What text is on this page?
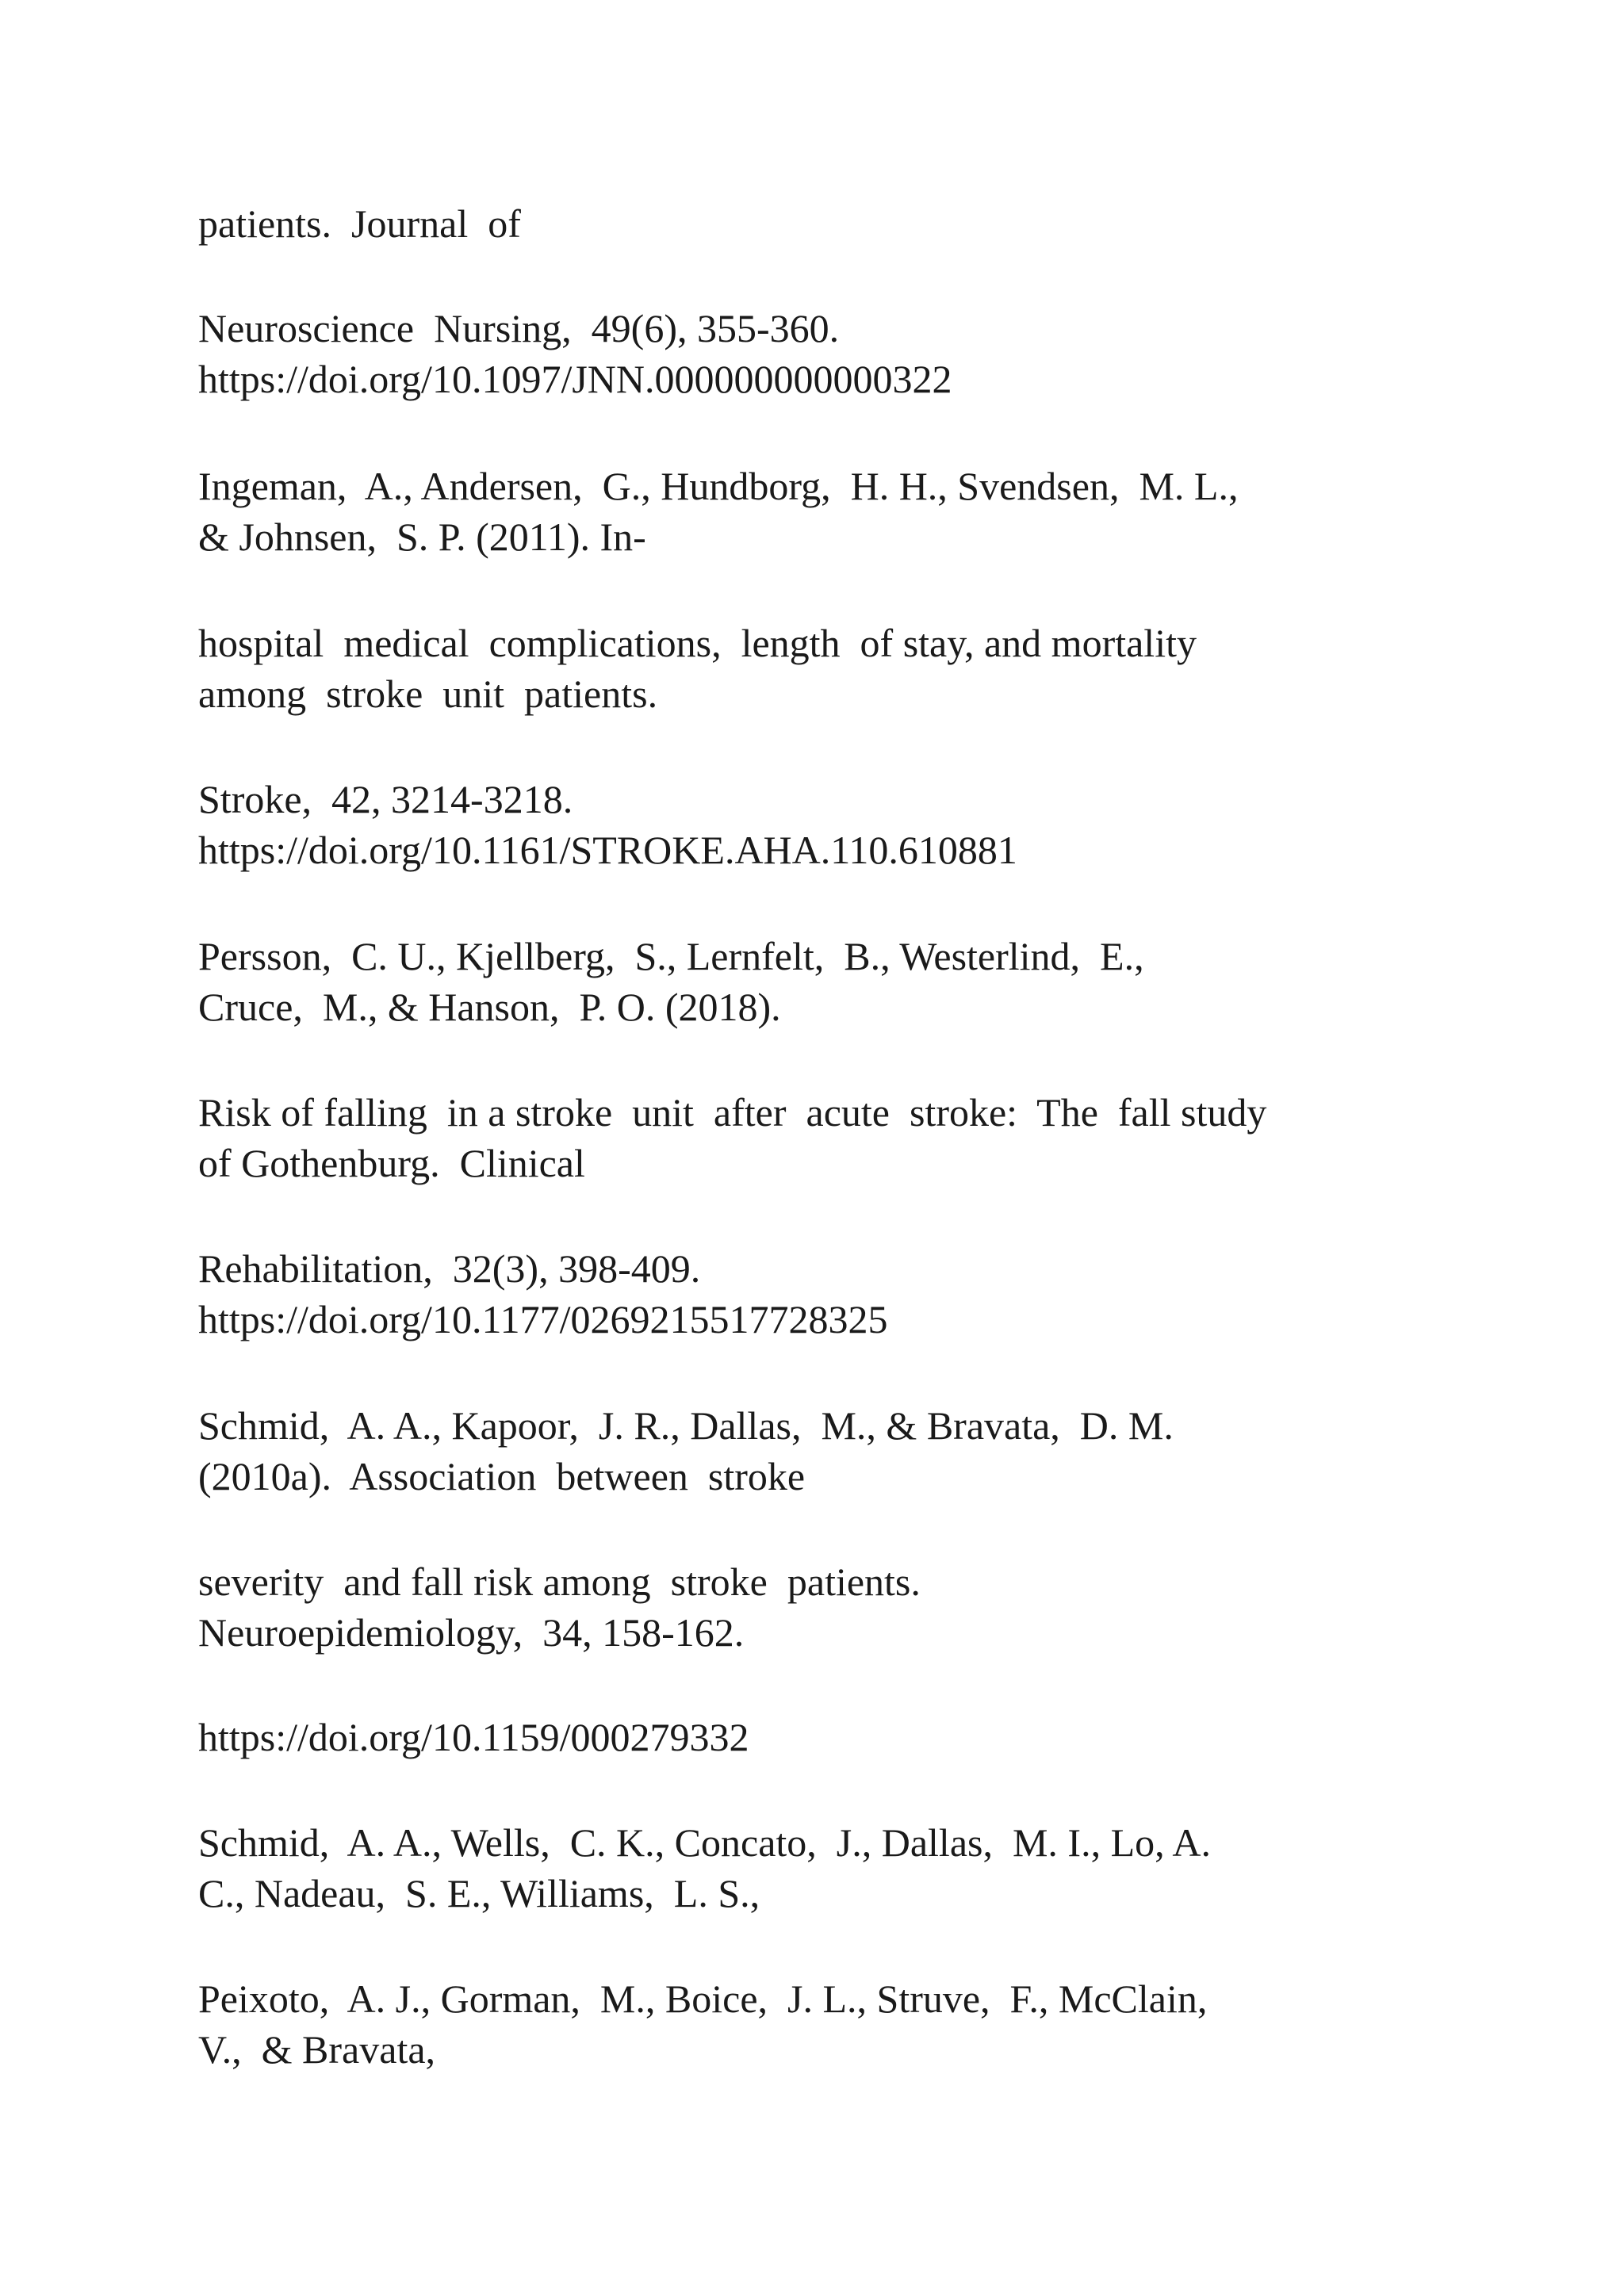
patients.  Journal  of

Neuroscience  Nursing,  49(6), 355-360.

https://doi.org/10.1097/JNN.000000000000322

Ingeman,  A., Andersen,  G., Hundborg,  H. H., Svendsen,  M. L.,

& Johnsen,  S. P. (2011). In-

hospital  medical  complications,  length  of stay, and mortality

among  stroke  unit  patients.

Stroke,  42, 3214-3218.

https://doi.org/10.1161/STROKE.AHA.110.610881

Persson,  C. U., Kjellberg,  S., Lernfelt,  B., Westerlind,  E.,

Cruce,  M., & Hanson,  P. O. (2018).

Risk of falling  in a stroke  unit  after  acute  stroke:  The  fall study

of Gothenburg.  Clinical

Rehabilitation,  32(3), 398-409.

https://doi.org/10.1177/0269215517728325

Schmid,  A. A., Kapoor,  J. R., Dallas,  M., & Bravata,  D. M.

(2010a).  Association  between  stroke

severity  and fall risk among  stroke  patients.

Neuroepidemiology,  34, 158-162.

https://doi.org/10.1159/000279332

Schmid,  A. A., Wells,  C. K., Concato,  J., Dallas,  M. I., Lo, A.

C., Nadeau,  S. E., Williams,  L. S.,

Peixoto,  A. J., Gorman,  M., Boice,  J. L., Struve,  F., McClain,

V.,  & Bravata,
